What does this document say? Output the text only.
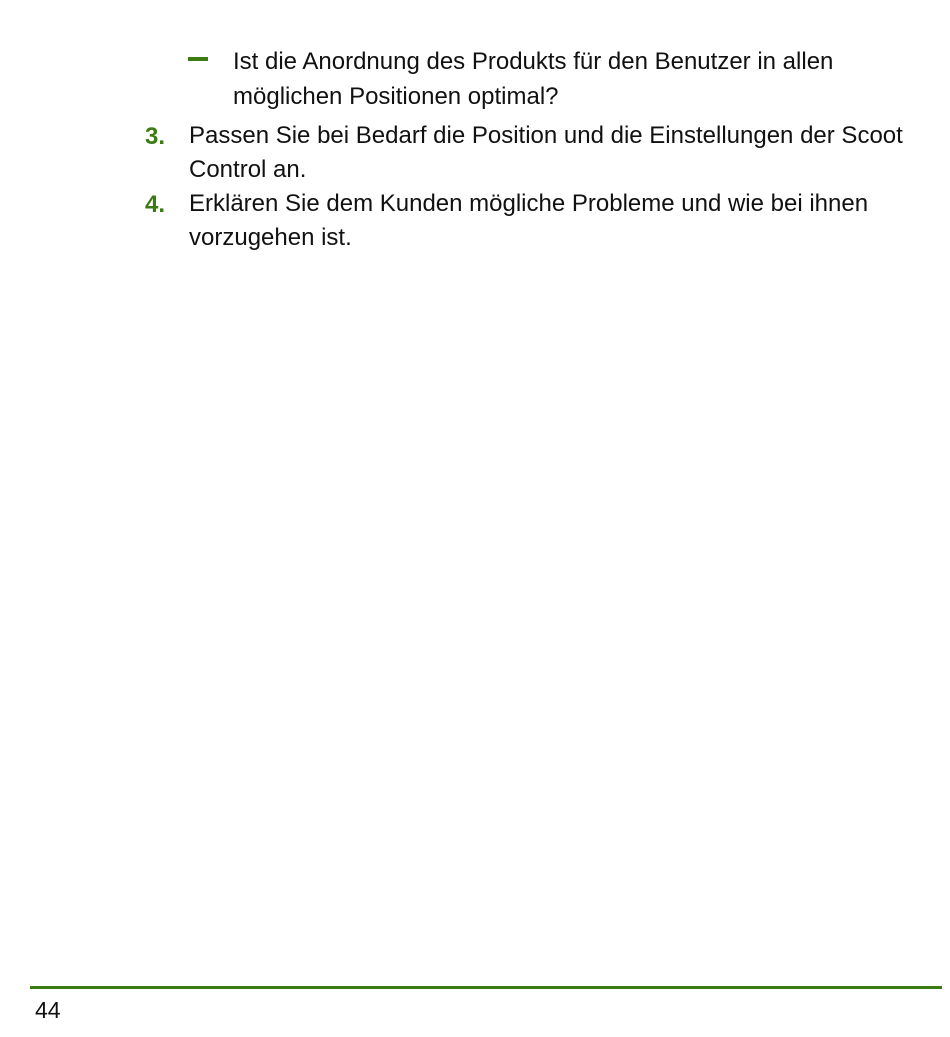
Ist die Anordnung des Produkts für den Benutzer in allen möglichen Positionen optimal?
3. Passen Sie bei Bedarf die Position und die Einstellungen der Scoot Control an.
4. Erklären Sie dem Kunden mögliche Probleme und wie bei ihnen vorzugehen ist.
44
